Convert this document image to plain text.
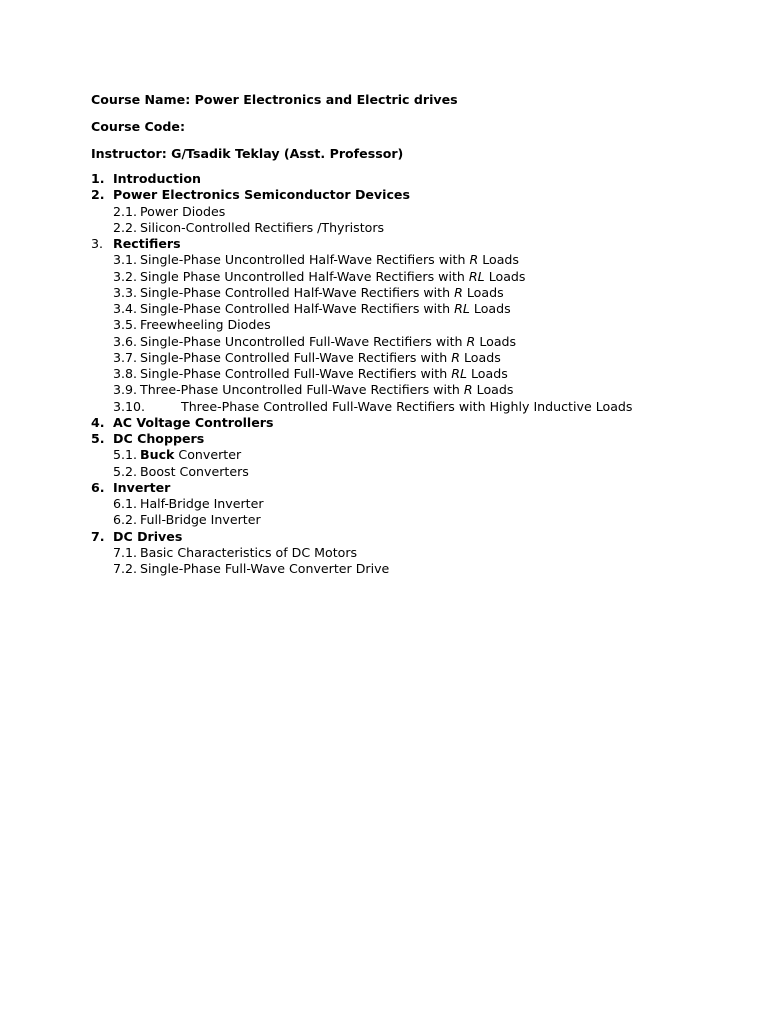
Course Name: Power Electronics and Electric drives
Course Code:
Instructor: G/Tsadik Teklay (Asst. Professor)
1. Introduction
2. Power Electronics Semiconductor Devices
2.1. Power Diodes
2.2. Silicon-Controlled Rectifiers /Thyristors
3. Rectifiers
3.1. Single-Phase Uncontrolled Half-Wave Rectifiers with R Loads
3.2. Single Phase Uncontrolled Half-Wave Rectifiers with RL Loads
3.3. Single-Phase Controlled Half-Wave Rectifiers with R Loads
3.4. Single-Phase Controlled Half-Wave Rectifiers with RL Loads
3.5. Freewheeling Diodes
3.6. Single-Phase Uncontrolled Full-Wave Rectifiers with R Loads
3.7. Single-Phase Controlled Full-Wave Rectifiers with R Loads
3.8. Single-Phase Controlled Full-Wave Rectifiers with RL Loads
3.9. Three-Phase Uncontrolled Full-Wave Rectifiers with R Loads
3.10.	Three-Phase Controlled Full-Wave Rectifiers with Highly Inductive Loads
4. AC Voltage Controllers
5. DC Choppers
5.1. Buck Converter
5.2. Boost Converters
6. Inverter
6.1. Half-Bridge Inverter
6.2. Full-Bridge Inverter
7. DC Drives
7.1. Basic Characteristics of DC Motors
7.2. Single-Phase Full-Wave Converter Drive
